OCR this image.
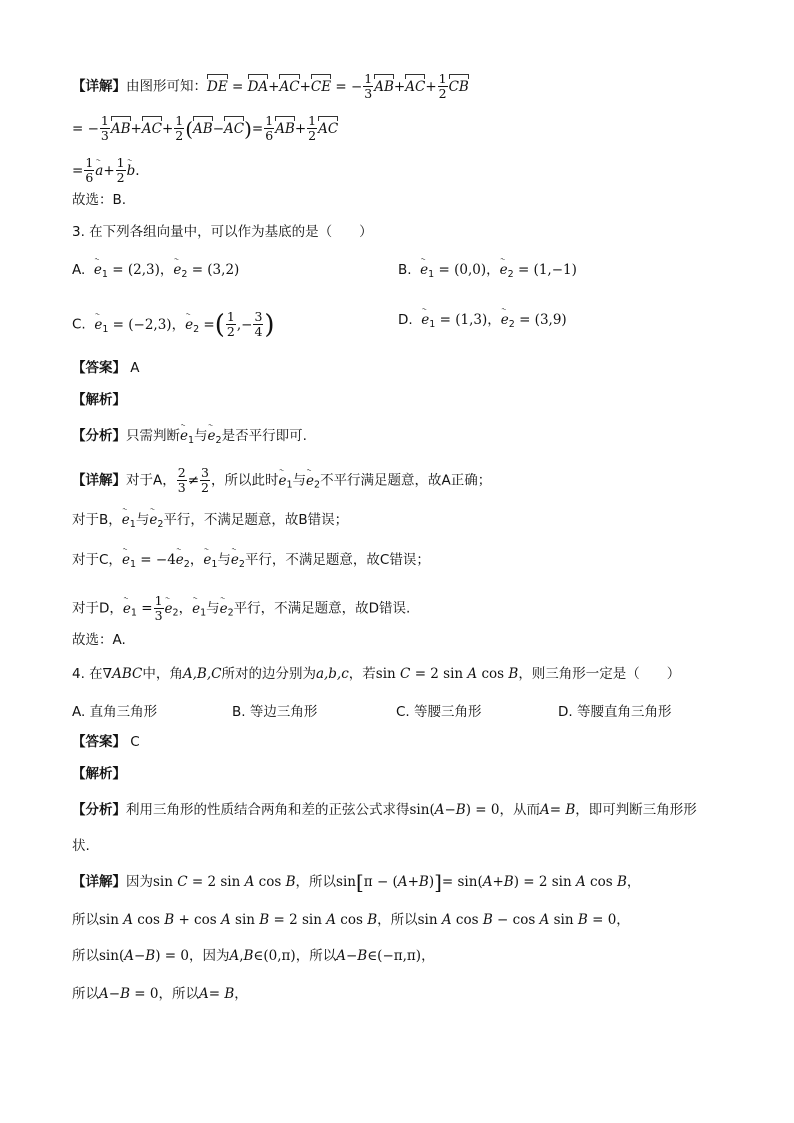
【详解】由图形可知：DE = DA+AC+CE = − $\frac{1}{3} AB+AC+ \frac{1}{2}$ CB
= − $\frac{1}{3} AB+AC+ \frac{1}{2} (AB-AC)= \frac{1}{6} AB+ \frac{1}{2}$ AC
= $\frac{1}{6}$ ˞ $a+ \frac{1}{2}$ ˞ b.
故选：B.
3. 在下列各组向量中，可以作为基底的是（　　）
A. ˞ $e_1 = (2,3)$，˞ $e_2 = (3,2)$	B. ˞ $e_1 = (0,0)$，˞ $e_2 = (1,-1)$
C. ˞ $e_1 = (-2,3)$，˞ $e_2$ =( $\frac{1}{2}$ ,− $\frac{3}{4}$ )	D. ˞ $e_1 = (1,3)$，˞ $e_2 = (3,9)$
【答案】 A
【解析】
【分析】只需判断˞ $e_1$与˞ $e_2$是否平行即可.
【详解】对于A， $\frac{2}{3} \ne \frac{3}{2}$ ，所以此时˞ $e_1$与˞ $e_2$不平行满足题意，故A正确；
对于B，˞ $e_1$与˞ $e_2$平行，不满足题意，故B错误；
对于C，˞ $e_1$ = −4˞ $e_2$，˞ $e_1$与˞ $e_2$平行，不满足题意，故C错误；
对于D，˞ $e_1 = \frac{1}{3}$ ˞ $e_2$，˞ $e_1$与˞ $e_2$平行，不满足题意，故D错误.
故选：A.
4. 在∇ABC中，角A,B,C所对的边分别为a,b,c，若sin C = 2 sin A cos B，则三角形一定是（　　）
A. 直角三角形	B. 等边三角形	C. 等腰三角形	D. 等腰直角三角形
【答案】 C
【解析】
【分析】利用三角形的性质结合两角和差的正弦公式求得sin(A−B) = 0，从而A= B，即可判断三角形形
状.
【详解】因为sin C = 2 sin A cos B，所以sin[π − (A+B)]= sin(A+B) = 2 sin A cos B，
所以sin A cos B + cos A sin B = 2 sin A cos B，所以sin A cos B − cos A sin B = 0，
所以sin(A−B) = 0，因为A,B∈(0,π)，所以A−B∈(−π,π)，
所以A−B = 0，所以A= B，
